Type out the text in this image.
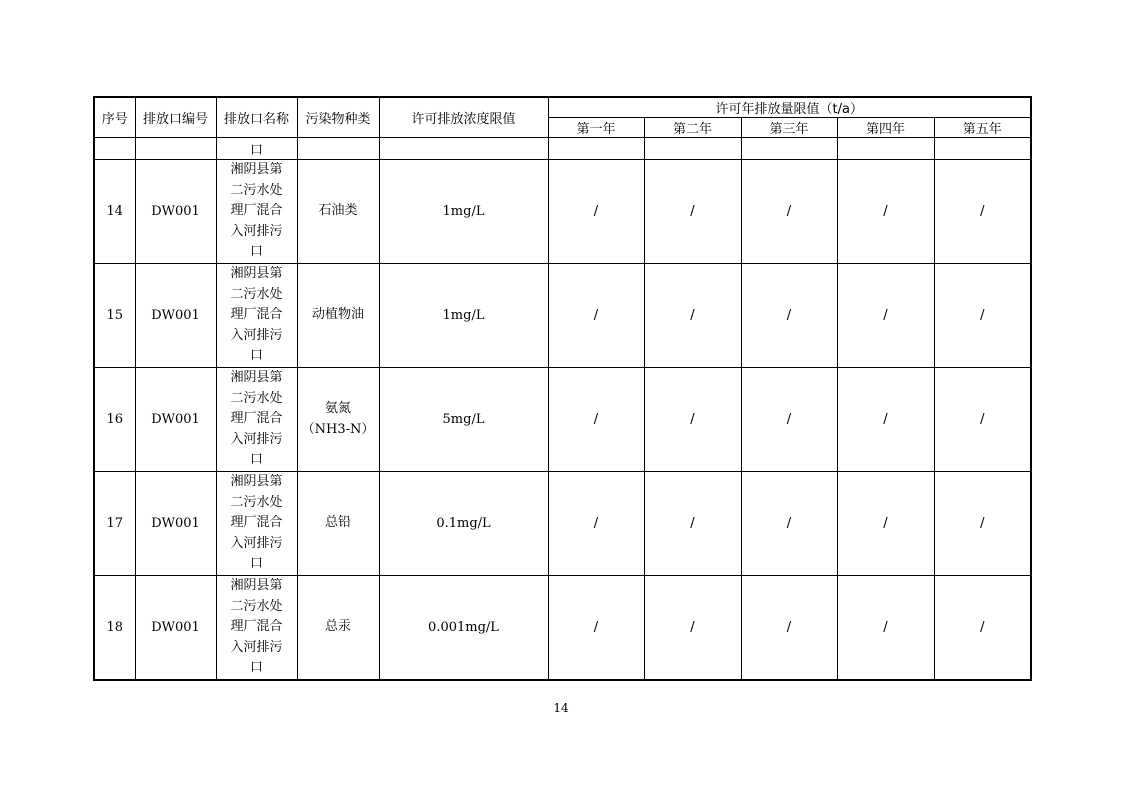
序号	排放口编号	排放口名称	污染物种类	许可排放浓度限值	许可年排放量限值（t/a）				
					第一年	第二年	第三年	第四年	第五年
		口							
14	DW001	湘阴县第
二污水处
理厂混合
入河排污
口	石油类	1mg/L	/	/	/	/	/
15	DW001	湘阴县第
二污水处
理厂混合
入河排污
口	动植物油	1mg/L	/	/	/	/	/
16	DW001	湘阴县第
二污水处
理厂混合
入河排污
口	氨氮
（NH3-N）	5mg/L	/	/	/	/	/
17	DW001	湘阴县第
二污水处
理厂混合
入河排污
口	总铅	0.1mg/L	/	/	/	/	/
18	DW001	湘阴县第
二污水处
理厂混合
入河排污
口	总汞	0.001mg/L	/	/	/	/	/
14
